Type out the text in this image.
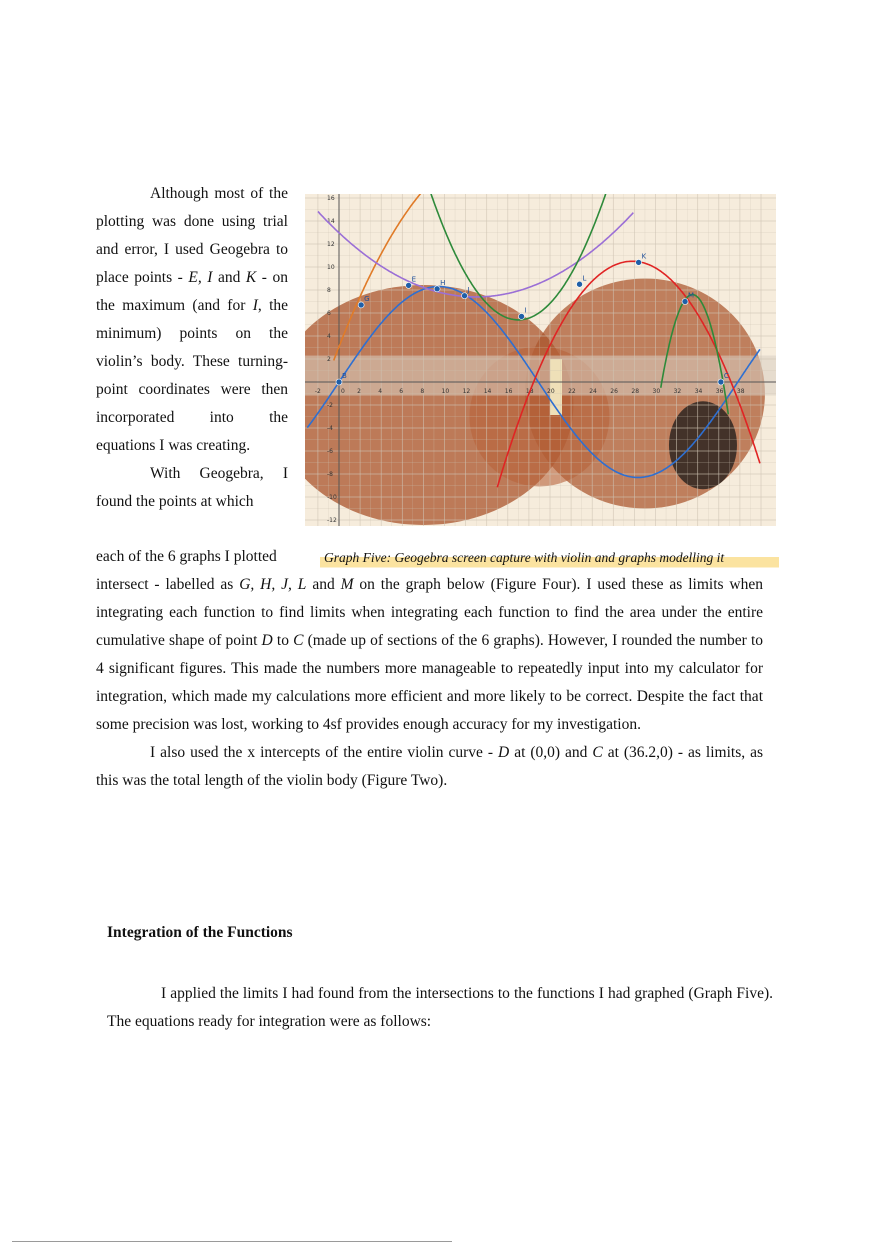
Although most of the plotting was done using trial and error, I used Geogebra to place points - E, I and K - on the maximum (and for I, the minimum) points on the violin’s body. These turning-point coordinates were then incorporated into the equations I was creating.

With Geogebra, I found the points at which

each of the 6 graphs I plotted
-2	0 2	4	6	8	10 12 14 16 18 20 22 24 26 28 30 32 34 36 38
16
14
12
10
8
6
4
2
-2
-4
-6
-8
-10
-12
B
G
E	H
J
I
L
K
M
C
Graph Five: Geogebra screen capture with violin and graphs modelling it

intersect - labelled as G, H, J, L and M on the graph below (Figure Four). I used these as limits when integrating each function to find limits when integrating each function to find the area under the entire cumulative shape of point D to C (made up of sections of the 6 graphs). However, I rounded the number to 4 significant figures. This made the numbers more manageable to repeatedly input into my calculator for integration, which made my calculations more efficient and more likely to be correct. Despite the fact that some precision was lost, working to 4sf provides enough accuracy for my investigation.

I also used the x intercepts of the entire violin curve - D at (0,0) and C at (36.2,0) - as limits, as this was the total length of the violin body (Figure Two).

Integration of the Functions

I applied the limits I had found from the intersections to the functions I had graphed (Graph Five). The equations ready for integration were as follows:
